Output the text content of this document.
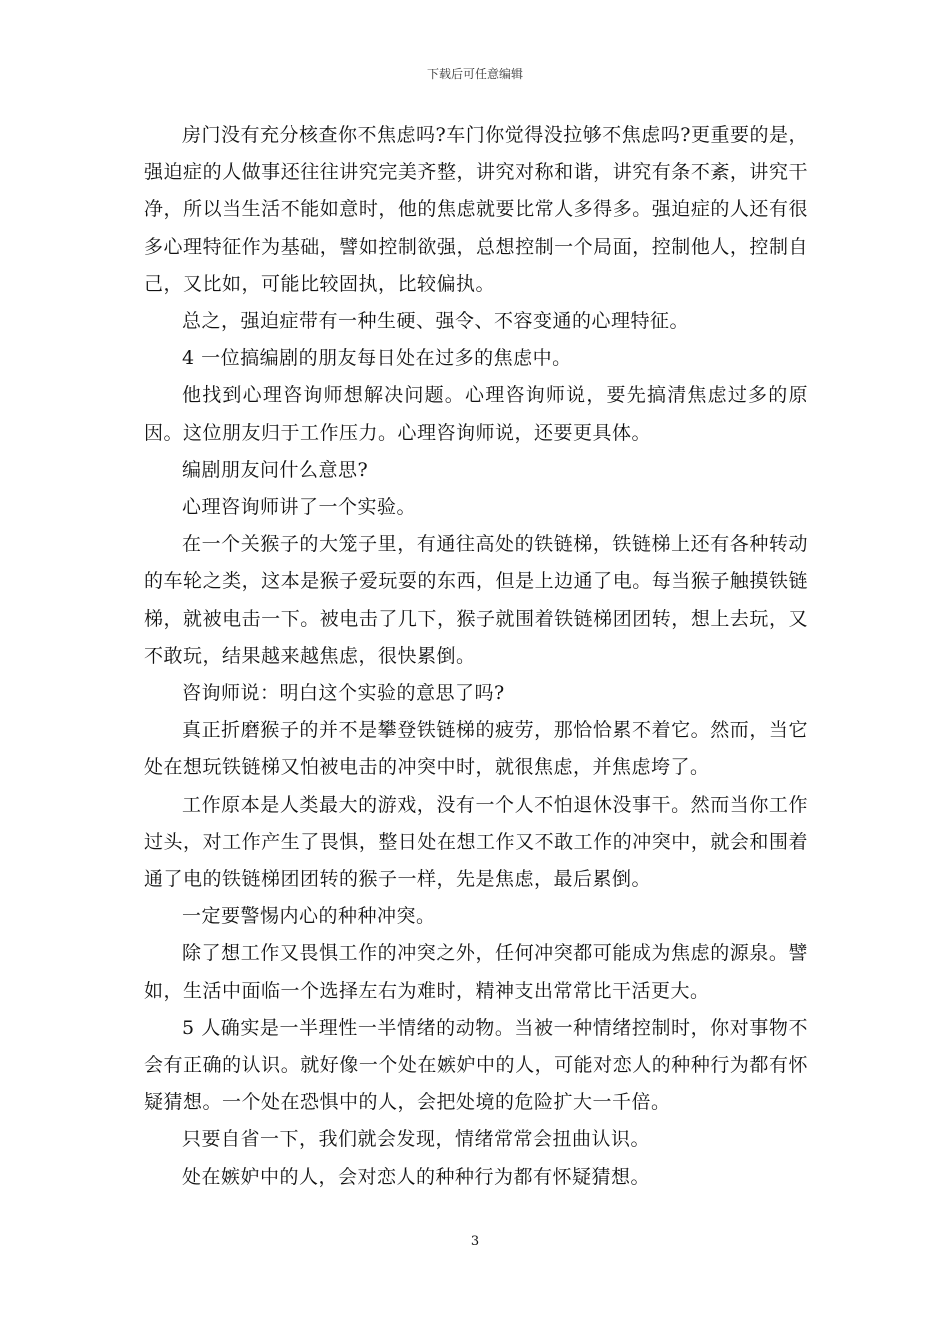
下载后可任意编辑

房门没有充分核查你不焦虑吗?车门你觉得没拉够不焦虑吗?更重要的是，强迫症的人做事还往往讲究完美齐整，讲究对称和谐，讲究有条不紊，讲究干净，所以当生活不能如意时，他的焦虑就要比常人多得多。强迫症的人还有很多心理特征作为基础，譬如控制欲强，总想控制一个局面，控制他人，控制自己，又比如，可能比较固执，比较偏执。

总之，强迫症带有一种生硬、强令、不容变通的心理特征。

4 一位搞编剧的朋友每日处在过多的焦虑中。

他找到心理咨询师想解决问题。心理咨询师说，要先搞清焦虑过多的原因。这位朋友归于工作压力。心理咨询师说，还要更具体。

编剧朋友问什么意思?

心理咨询师讲了一个实验。

在一个关猴子的大笼子里，有通往高处的铁链梯，铁链梯上还有各种转动的车轮之类，这本是猴子爱玩耍的东西，但是上边通了电。每当猴子触摸铁链梯，就被电击一下。被电击了几下，猴子就围着铁链梯团团转，想上去玩，又不敢玩，结果越来越焦虑，很快累倒。

咨询师说：明白这个实验的意思了吗?

真正折磨猴子的并不是攀登铁链梯的疲劳，那恰恰累不着它。然而，当它处在想玩铁链梯又怕被电击的冲突中时，就很焦虑，并焦虑垮了。

工作原本是人类最大的游戏，没有一个人不怕退休没事干。然而当你工作过头，对工作产生了畏惧，整日处在想工作又不敢工作的冲突中，就会和围着通了电的铁链梯团团转的猴子一样，先是焦虑，最后累倒。

一定要警惕内心的种种冲突。

除了想工作又畏惧工作的冲突之外，任何冲突都可能成为焦虑的源泉。譬如，生活中面临一个选择左右为难时，精神支出常常比干活更大。

5 人确实是一半理性一半情绪的动物。当被一种情绪控制时，你对事物不会有正确的认识。就好像一个处在嫉妒中的人，可能对恋人的种种行为都有怀疑猜想。一个处在恐惧中的人，会把处境的危险扩大一千倍。

只要自省一下，我们就会发现，情绪常常会扭曲认识。

处在嫉妒中的人，会对恋人的种种行为都有怀疑猜想。

3
